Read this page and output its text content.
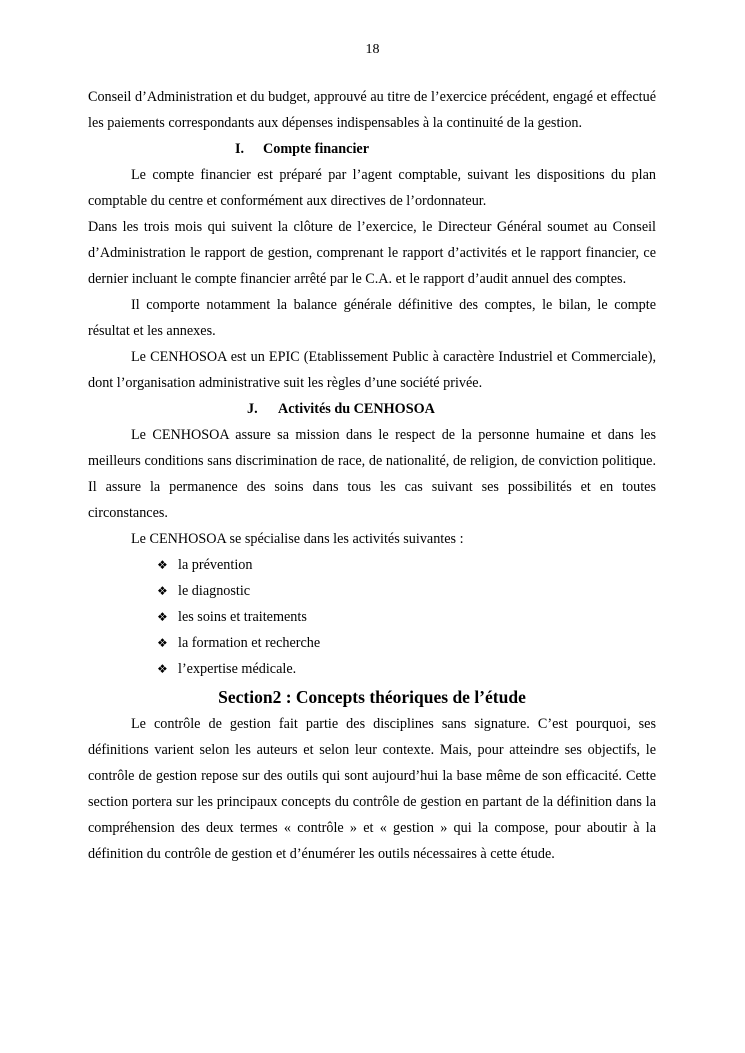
18

Conseil d’Administration et du budget, approuvé au titre de l’exercice précédent, engagé et effectué les paiements correspondants aux dépenses indispensables à la continuité de la gestion.

I. Compte financier

Le compte financier est préparé par l’agent comptable, suivant les dispositions du plan comptable du centre et conformément aux directives de l’ordonnateur.

Dans les trois mois qui suivent la clôture de l’exercice, le Directeur Général soumet au Conseil d’Administration le rapport de gestion, comprenant le rapport d’activités et le rapport financier, ce dernier incluant le compte financier arrêté par le C.A. et le rapport d’audit annuel des comptes.

Il comporte notamment la balance générale définitive des comptes, le bilan, le compte résultat et les annexes.

Le CENHOSOA est un EPIC (Etablissement Public à caractère Industriel et Commerciale), dont l’organisation administrative suit les règles d’une société privée.

J. Activités du CENHOSOA

Le CENHOSOA assure sa mission dans le respect de la personne humaine et dans les meilleurs conditions sans discrimination de race, de nationalité, de religion, de conviction politique. Il assure la permanence des soins dans tous les cas suivant ses possibilités et en toutes circonstances.

Le CENHOSOA se spécialise dans les activités suivantes :

❖ la prévention
❖ le diagnostic
❖ les soins et traitements
❖ la formation et recherche
❖ l’expertise médicale.
Section2 : Concepts théoriques de l’étude

Le contrôle de gestion fait partie des disciplines sans signature. C’est pourquoi, ses définitions varient selon les auteurs et selon leur contexte. Mais, pour atteindre ses objectifs, le contrôle de gestion repose sur des outils qui sont aujourd’hui la base même de son efficacité. Cette section portera sur les principaux concepts du contrôle de gestion en partant de la définition dans la compréhension des deux termes « contrôle » et « gestion » qui la compose, pour aboutir à la définition du contrôle de gestion et d’énumérer les outils nécessaires à cette étude.
